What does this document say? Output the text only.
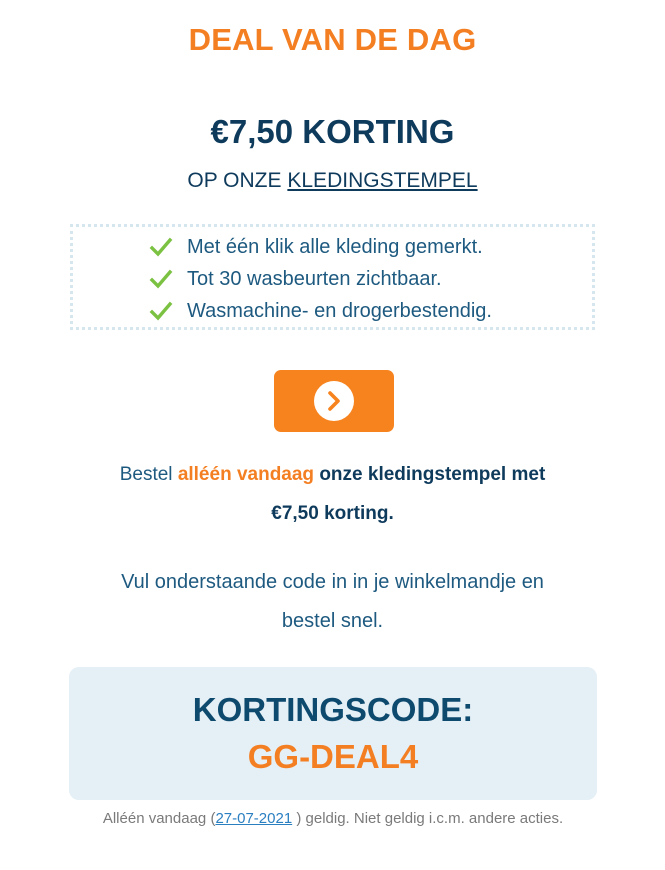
DEAL VAN DE DAG
€7,50 KORTING
OP ONZE KLEDINGSTEMPEL
Met één klik alle kleding gemerkt.
Tot 30 wasbeurten zichtbaar.
Wasmachine- en drogerbestendig.
Bestel alléén vandaag onze kledingstempel met
€7,50 korting.
Vul onderstaande code in in je winkelmandje en
bestel snel.
KORTINGSCODE:
GG-DEAL4
Alléén vandaag (27-07-2021 ) geldig. Niet geldig i.c.m. andere acties.
